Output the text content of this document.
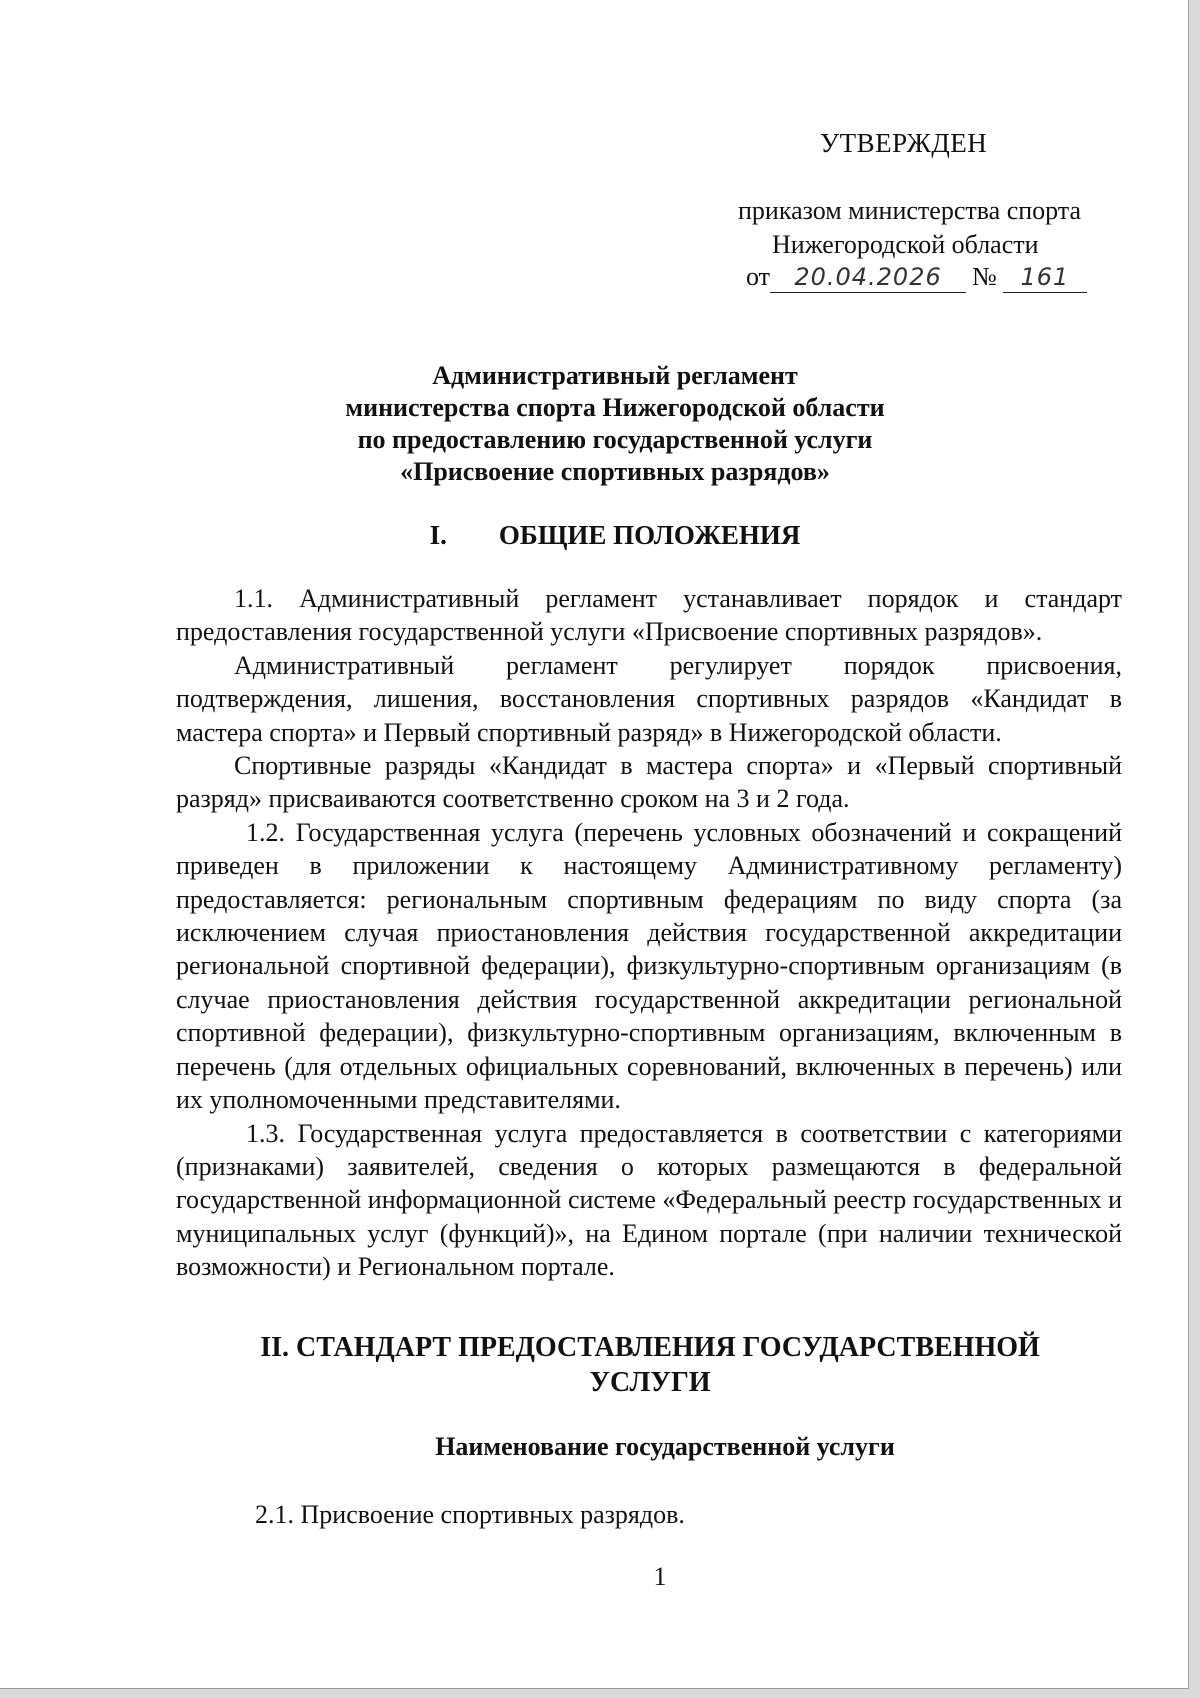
УТВЕРЖДЕН
приказом министерства спорта
Нижегородской области
от 20.04.2026 № 161
Административный регламент
министерства спорта Нижегородской области
по предоставлению государственной услуги
«Присвоение спортивных разрядов»
I. ОБЩИЕ ПОЛОЖЕНИЯ

1.1. Административный регламент устанавливает порядок и стандарт предоставления государственной услуги «Присвоение спортивных разрядов».

Административный регламент регулирует порядок присвоения, подтверждения, лишения, восстановления спортивных разрядов «Кандидат в мастера спорта» и Первый спортивный разряд» в Нижегородской области.

Спортивные разряды «Кандидат в мастера спорта» и «Первый спортивный разряд» присваиваются соответственно сроком на 3 и 2 года.

1.2. Государственная услуга (перечень условных обозначений и сокращений приведен в приложении к настоящему Административному регламенту) предоставляется: региональным спортивным федерациям по виду спорта (за исключением случая приостановления действия государственной аккредитации региональной спортивной федерации), физкультурно-спортивным организациям (в случае приостановления действия государственной аккредитации региональной спортивной федерации), физкультурно-спортивным организациям, включенным в перечень (для отдельных официальных соревнований, включенных в перечень) или их уполномоченными представителями.

1.3. Государственная услуга предоставляется в соответствии с категориями (признаками) заявителей, сведения о которых размещаются в федеральной государственной информационной системе «Федеральный реестр государственных и муниципальных услуг (функций)», на Едином портале (при наличии технической возможности) и Региональном портале.

II. СТАНДАРТ ПРЕДОСТАВЛЕНИЯ ГОСУДАРСТВЕННОЙ УСЛУГИ
Наименование государственной услуги
2.1. Присвоение спортивных разрядов.
1
